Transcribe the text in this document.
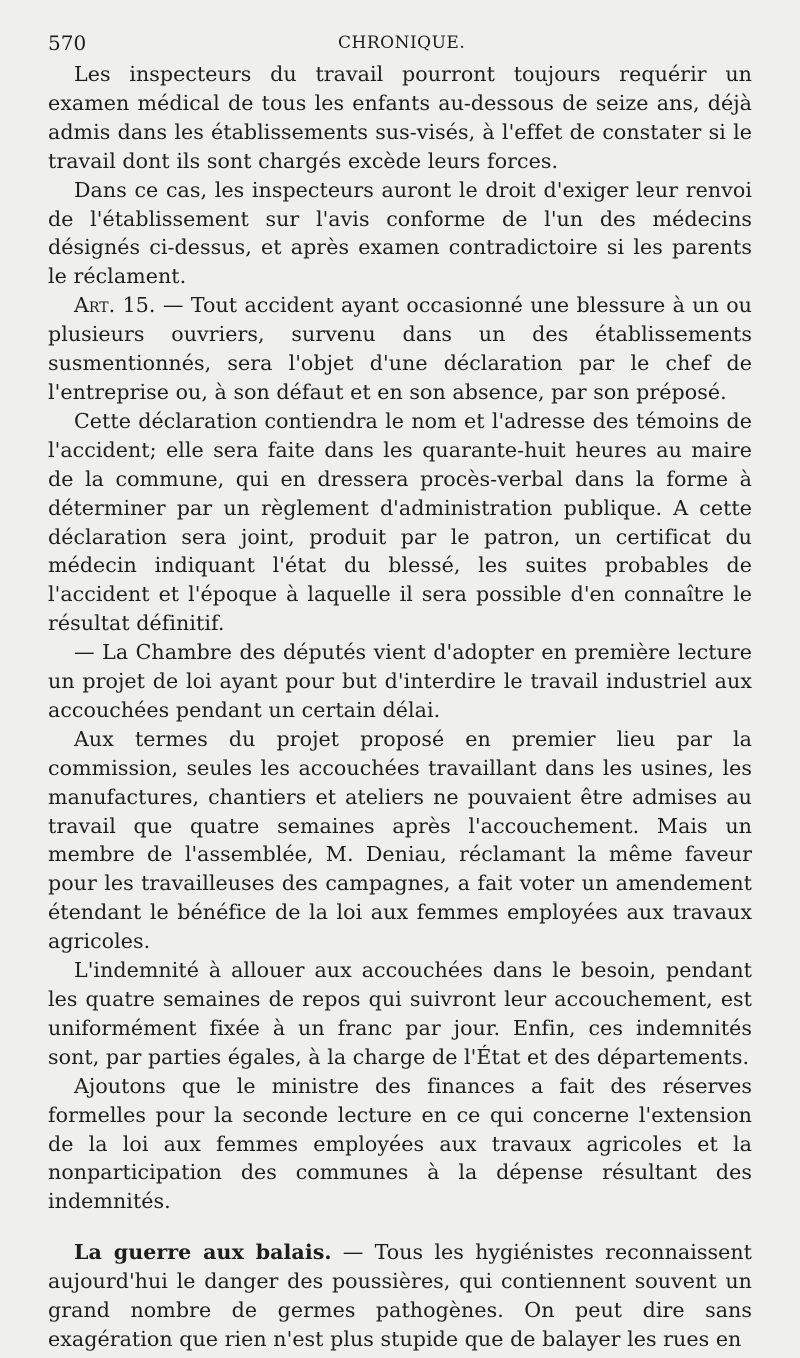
570	CHRONIQUE.

Les inspecteurs du travail pourront toujours requérir un examen médical de tous les enfants au-dessous de seize ans, déjà admis dans les établissements sus-visés, à l'effet de constater si le travail dont ils sont chargés excède leurs forces.

Dans ce cas, les inspecteurs auront le droit d'exiger leur renvoi de l'établissement sur l'avis conforme de l'un des médecins désignés ci-dessus, et après examen contradictoire si les parents le réclament.

Art. 15. — Tout accident ayant occasionné une blessure à un ou plusieurs ouvriers, survenu dans un des établissements susmentionnés, sera l'objet d'une déclaration par le chef de l'entreprise ou, à son défaut et en son absence, par son préposé.

Cette déclaration contiendra le nom et l'adresse des témoins de l'accident; elle sera faite dans les quarante-huit heures au maire de la commune, qui en dressera procès-verbal dans la forme à déterminer par un règlement d'administration publique. A cette déclaration sera joint, produit par le patron, un certificat du médecin indiquant l'état du blessé, les suites probables de l'accident et l'époque à laquelle il sera possible d'en connaître le résultat définitif.

— La Chambre des députés vient d'adopter en première lecture un projet de loi ayant pour but d'interdire le travail industriel aux accouchées pendant un certain délai.

Aux termes du projet proposé en premier lieu par la commission, seules les accouchées travaillant dans les usines, les manufactures, chantiers et ateliers ne pouvaient être admises au travail que quatre semaines après l'accouchement. Mais un membre de l'assemblée, M. Deniau, réclamant la même faveur pour les travailleuses des campagnes, a fait voter un amendement étendant le bénéfice de la loi aux femmes employées aux travaux agricoles.

L'indemnité à allouer aux accouchées dans le besoin, pendant les quatre semaines de repos qui suivront leur accouchement, est uniformément fixée à un franc par jour. Enfin, ces indemnités sont, par parties égales, à la charge de l'État et des départements.

Ajoutons que le ministre des finances a fait des réserves formelles pour la seconde lecture en ce qui concerne l'extension de la loi aux femmes employées aux travaux agricoles et la nonparticipation des communes à la dépense résultant des indemnités.

La guerre aux balais. — Tous les hygiénistes reconnaissent aujourd'hui le danger des poussières, qui contiennent souvent un grand nombre de germes pathogènes. On peut dire sans exagération que rien n'est plus stupide que de balayer les rues en
